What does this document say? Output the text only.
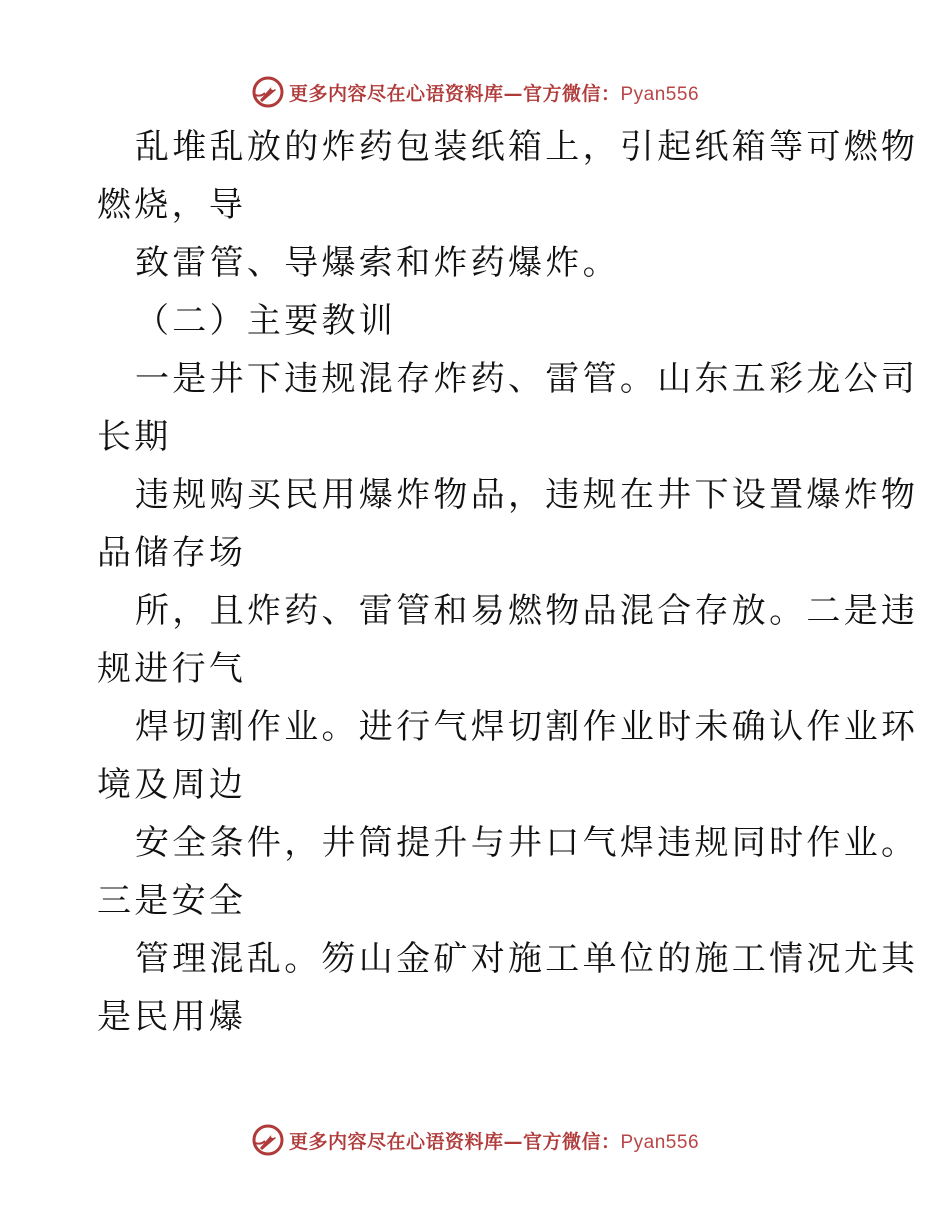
更多内容尽在心语资料库—官方微信：Pyan556
乱堆乱放的炸药包装纸箱上，引起纸箱等可燃物
燃烧，导
致雷管、导爆索和炸药爆炸。
（二）主要教训
一是井下违规混存炸药、雷管。山东五彩龙公司
长期
违规购买民用爆炸物品，违规在井下设置爆炸物
品储存场
所，且炸药、雷管和易燃物品混合存放。二是违
规进行气
焊切割作业。进行气焊切割作业时未确认作业环
境及周边
安全条件，井筒提升与井口气焊违规同时作业。
三是安全
管理混乱。笏山金矿对施工单位的施工情况尤其
是民用爆
更多内容尽在心语资料库—官方微信：Pyan556
